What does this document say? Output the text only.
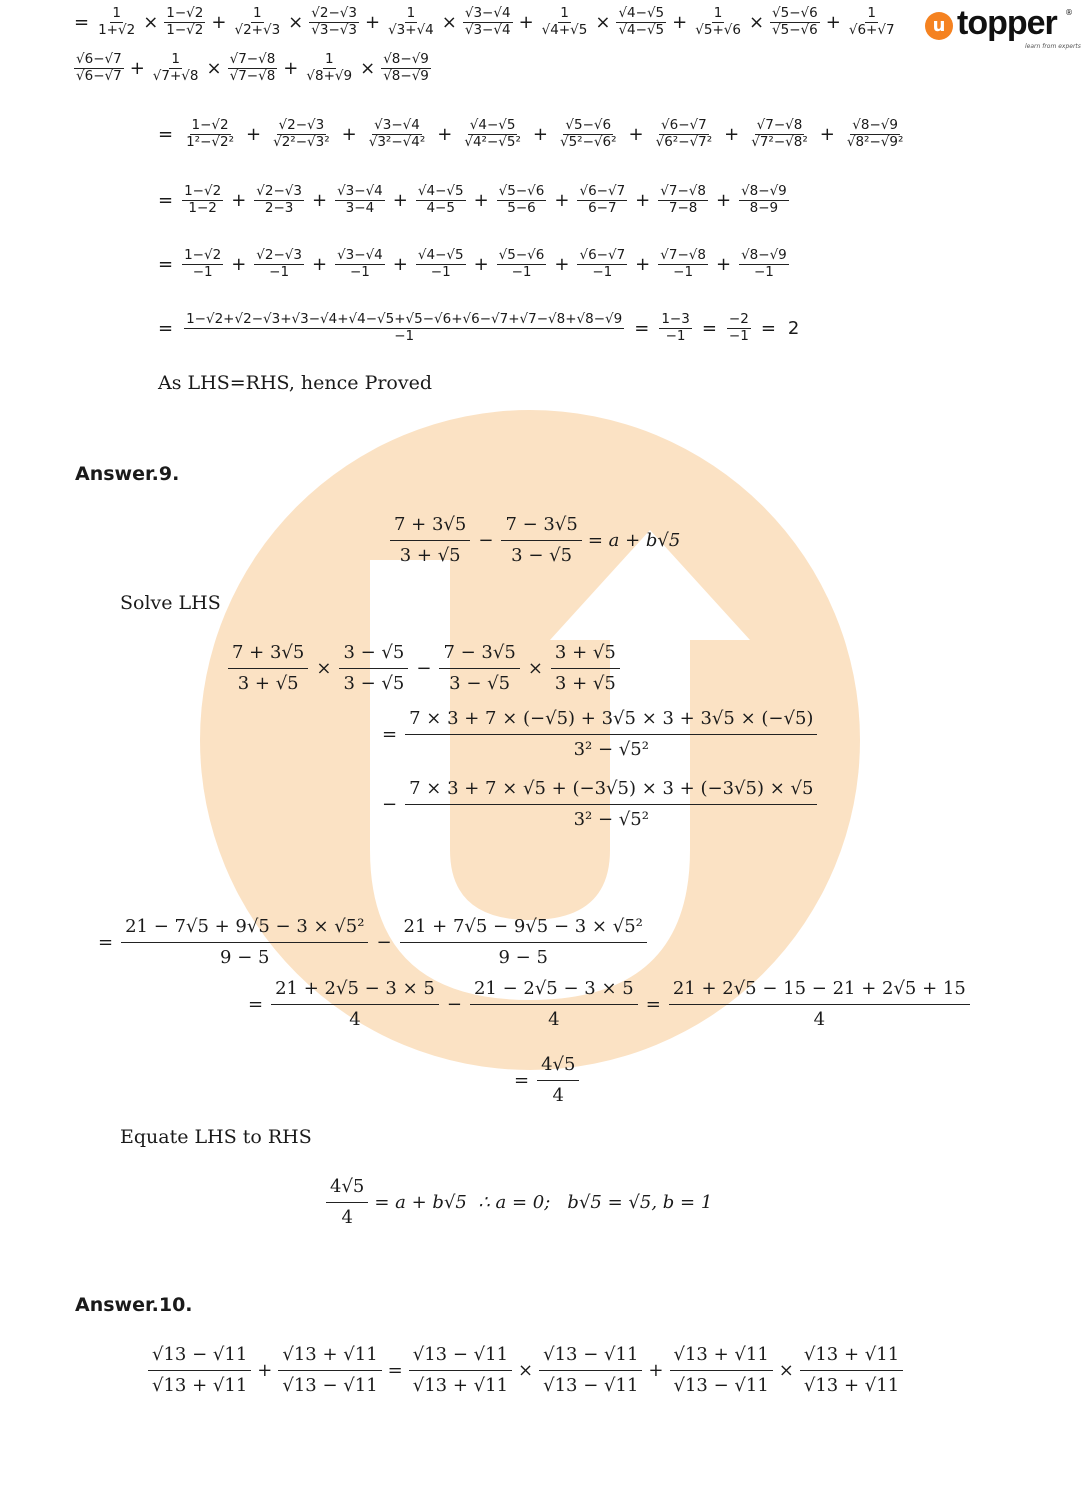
u topper
learn from experts
®
= $\frac{1}{1+√2} \times \frac{1-√2}{1-√2} + \frac{1}{√2+√3} \times \frac{√2-√3}{√3-√3} + \frac{1}{√3+√4} \times \frac{√3-√4}{√3-√4} + \frac{1}{√4+√5} \times \frac{√4-√5}{√4-√5} + \frac{1}{√5+√6} \times \frac{√5-√6}{√5-√6} + \frac{1}{√6+√7}$
$\frac{√6-√7}{√6-√7} + \frac{1}{√7+√8} \times \frac{√7-√8}{√7-√8} + \frac{1}{√8+√9} \times \frac{√8-√9}{√8-√9}$
= $\frac{1-√2}{\text{1²−√2²}} + \frac{√2-√3}{\text{√2²−√3²}} + \frac{√3-√4}{\text{√3²−√4²}} + \frac{√4-√5}{\text{√4²−√5²}} + \frac{√5-√6}{\text{√5²−√6²}} + \frac{√6-√7}{\text{√6²−√7²}} + \frac{√7-√8}{\text{√7²−√8²}} + \frac{√8-√9}{\text{√8²−√9²}}$
= $\frac{1-√2}{1-2} + \frac{√2-√3}{2-3} + \frac{√3-√4}{3-4} + \frac{√4-√5}{4-5} + \frac{√5-√6}{5-6} + \frac{√6-√7}{6-7} + \frac{√7-√8}{7-8} + \frac{√8-√9}{8-9}$
= $\frac{1-√2}{-1} + \frac{√2-√3}{-1} + \frac{√3-√4}{-1} + \frac{√4-√5}{-1} + \frac{√5-√6}{-1} + \frac{√6-√7}{-1} + \frac{√7-√8}{-1} + \frac{√8-√9}{-1}$
= $\frac{1-√2+√2-√3+√3-√4+√4-√5+√5-√6+√6-√7+√7-√8+√8-√9}{-1} = \frac{1-3}{-1} = \frac{-2}{-1} = 2$
As LHS=RHS, hence Proved
Answer.9.
$\frac{7 + 3√5}{3 + √5} - \frac{7 - 3√5}{3 - √5} = a + b√5$
Solve LHS
$\frac{7 + 3√5}{3 + √5} \times \frac{3 - √5}{3 - √5} - \frac{7 - 3√5}{3 - √5} \times \frac{3 + √5}{3 + √5}$
= $\frac{7 \times 3 + 7 \times (-√5) + 3√5 \times 3 + 3√5 \times (-√5)}{\text{3² − √5²}}$
− $\frac{7 \times 3 + 7 \times √5 + (-3√5) \times 3 + (-3√5) \times √5}{\text{3² − √5²}}$
= $\frac{\text{21 − 7√5 + 9√5 − 3 × √5²}}{9 - 5} - \frac{\text{21 + 7√5 − 9√5 − 3 × √5²}}{9 - 5}$
= $\frac{21 + 2√5 - 3 \times 5}{4} - \frac{21 - 2√5 - 3 \times 5}{4} = \frac{21 + 2√5 - 15 - 21 + 2√5 + 15}{4}$
= $\frac{4√5}{4}$
Equate LHS to RHS
$\frac{4√5}{4} = a + b√5$  ∴ a = 0;   b√5 = √5, b = 1
Answer.10.
$\frac{√13 - √11}{√13 + √11} + \frac{√13 + √11}{√13 - √11} = \frac{√13 - √11}{√13 + √11} \times \frac{√13 - √11}{√13 - √11} + \frac{√13 + √11}{√13 - √11} \times \frac{√13 + √11}{√13 + √11}$
